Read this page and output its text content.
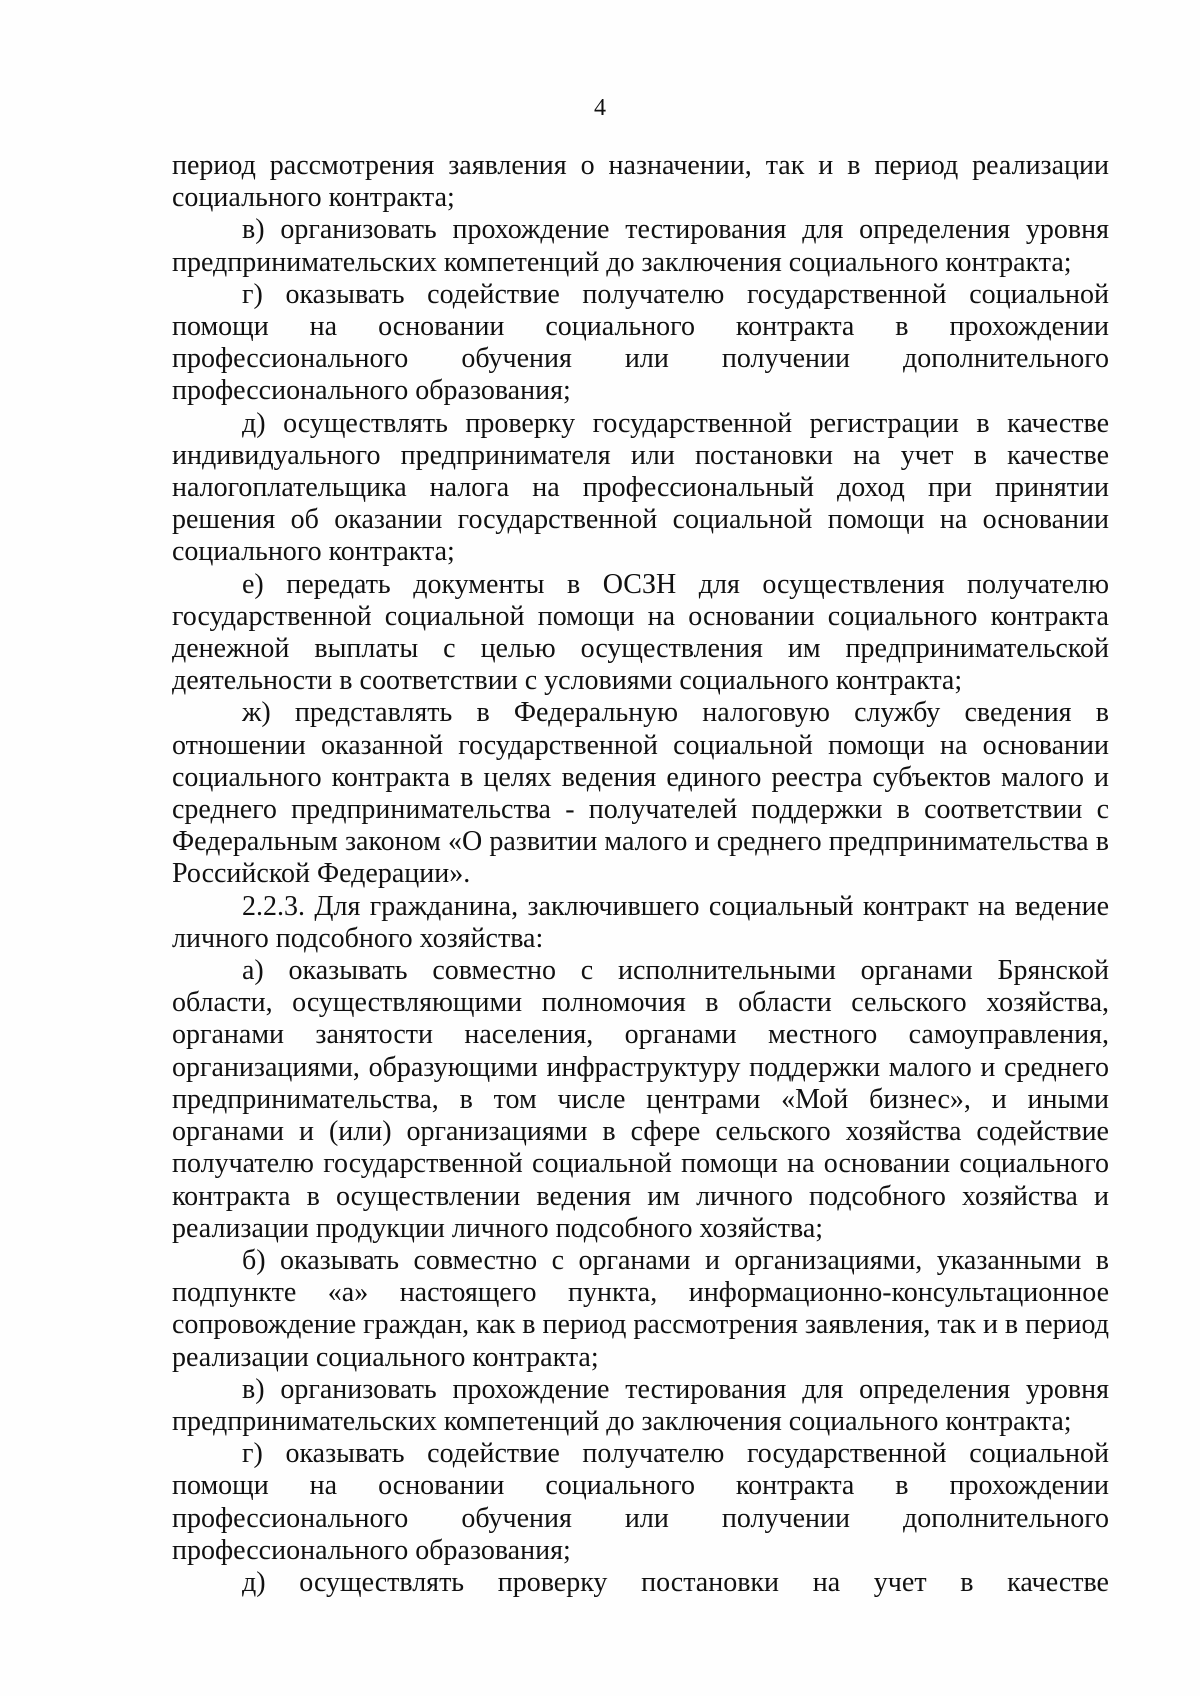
4

период рассмотрения заявления о назначении, так и в период реализации социального контракта;

в) организовать прохождение тестирования для определения уровня предпринимательских компетенций до заключения социального контракта;

г) оказывать содействие получателю государственной социальной помощи на основании социального контракта в прохождении профессионального обучения или получении дополнительного профессионального образования;

д) осуществлять проверку государственной регистрации в качестве индивидуального предпринимателя или постановки на учет в качестве налогоплательщика налога на профессиональный доход при принятии решения об оказании государственной социальной помощи на основании социального контракта;

е) передать документы в ОСЗН для осуществления получателю государственной социальной помощи на основании социального контракта денежной выплаты с целью осуществления им предпринимательской деятельности в соответствии с условиями социального контракта;

ж) представлять в Федеральную налоговую службу сведения в отношении оказанной государственной социальной помощи на основании социального контракта в целях ведения единого реестра субъектов малого и среднего предпринимательства - получателей поддержки в соответствии с Федеральным законом «О развитии малого и среднего предпринимательства в Российской Федерации».

2.2.3. Для гражданина, заключившего социальный контракт на ведение личного подсобного хозяйства:

а) оказывать совместно с исполнительными органами Брянской области, осуществляющими полномочия в области сельского хозяйства, органами занятости населения, органами местного самоуправления, организациями, образующими инфраструктуру поддержки малого и среднего предпринимательства, в том числе центрами «Мой бизнес», и иными органами и (или) организациями в сфере сельского хозяйства содействие получателю государственной социальной помощи на основании социального контракта в осуществлении ведения им личного подсобного хозяйства и реализации продукции личного подсобного хозяйства;

б) оказывать совместно с органами и организациями, указанными в подпункте «а» настоящего пункта, информационно-консультационное сопровождение граждан, как в период рассмотрения заявления, так и в период реализации социального контракта;

в) организовать прохождение тестирования для определения уровня предпринимательских компетенций до заключения социального контракта;

г) оказывать содействие получателю государственной социальной помощи на основании социального контракта в прохождении профессионального обучения или получении дополнительного профессионального образования;

д) осуществлять проверку постановки на учет в качестве
